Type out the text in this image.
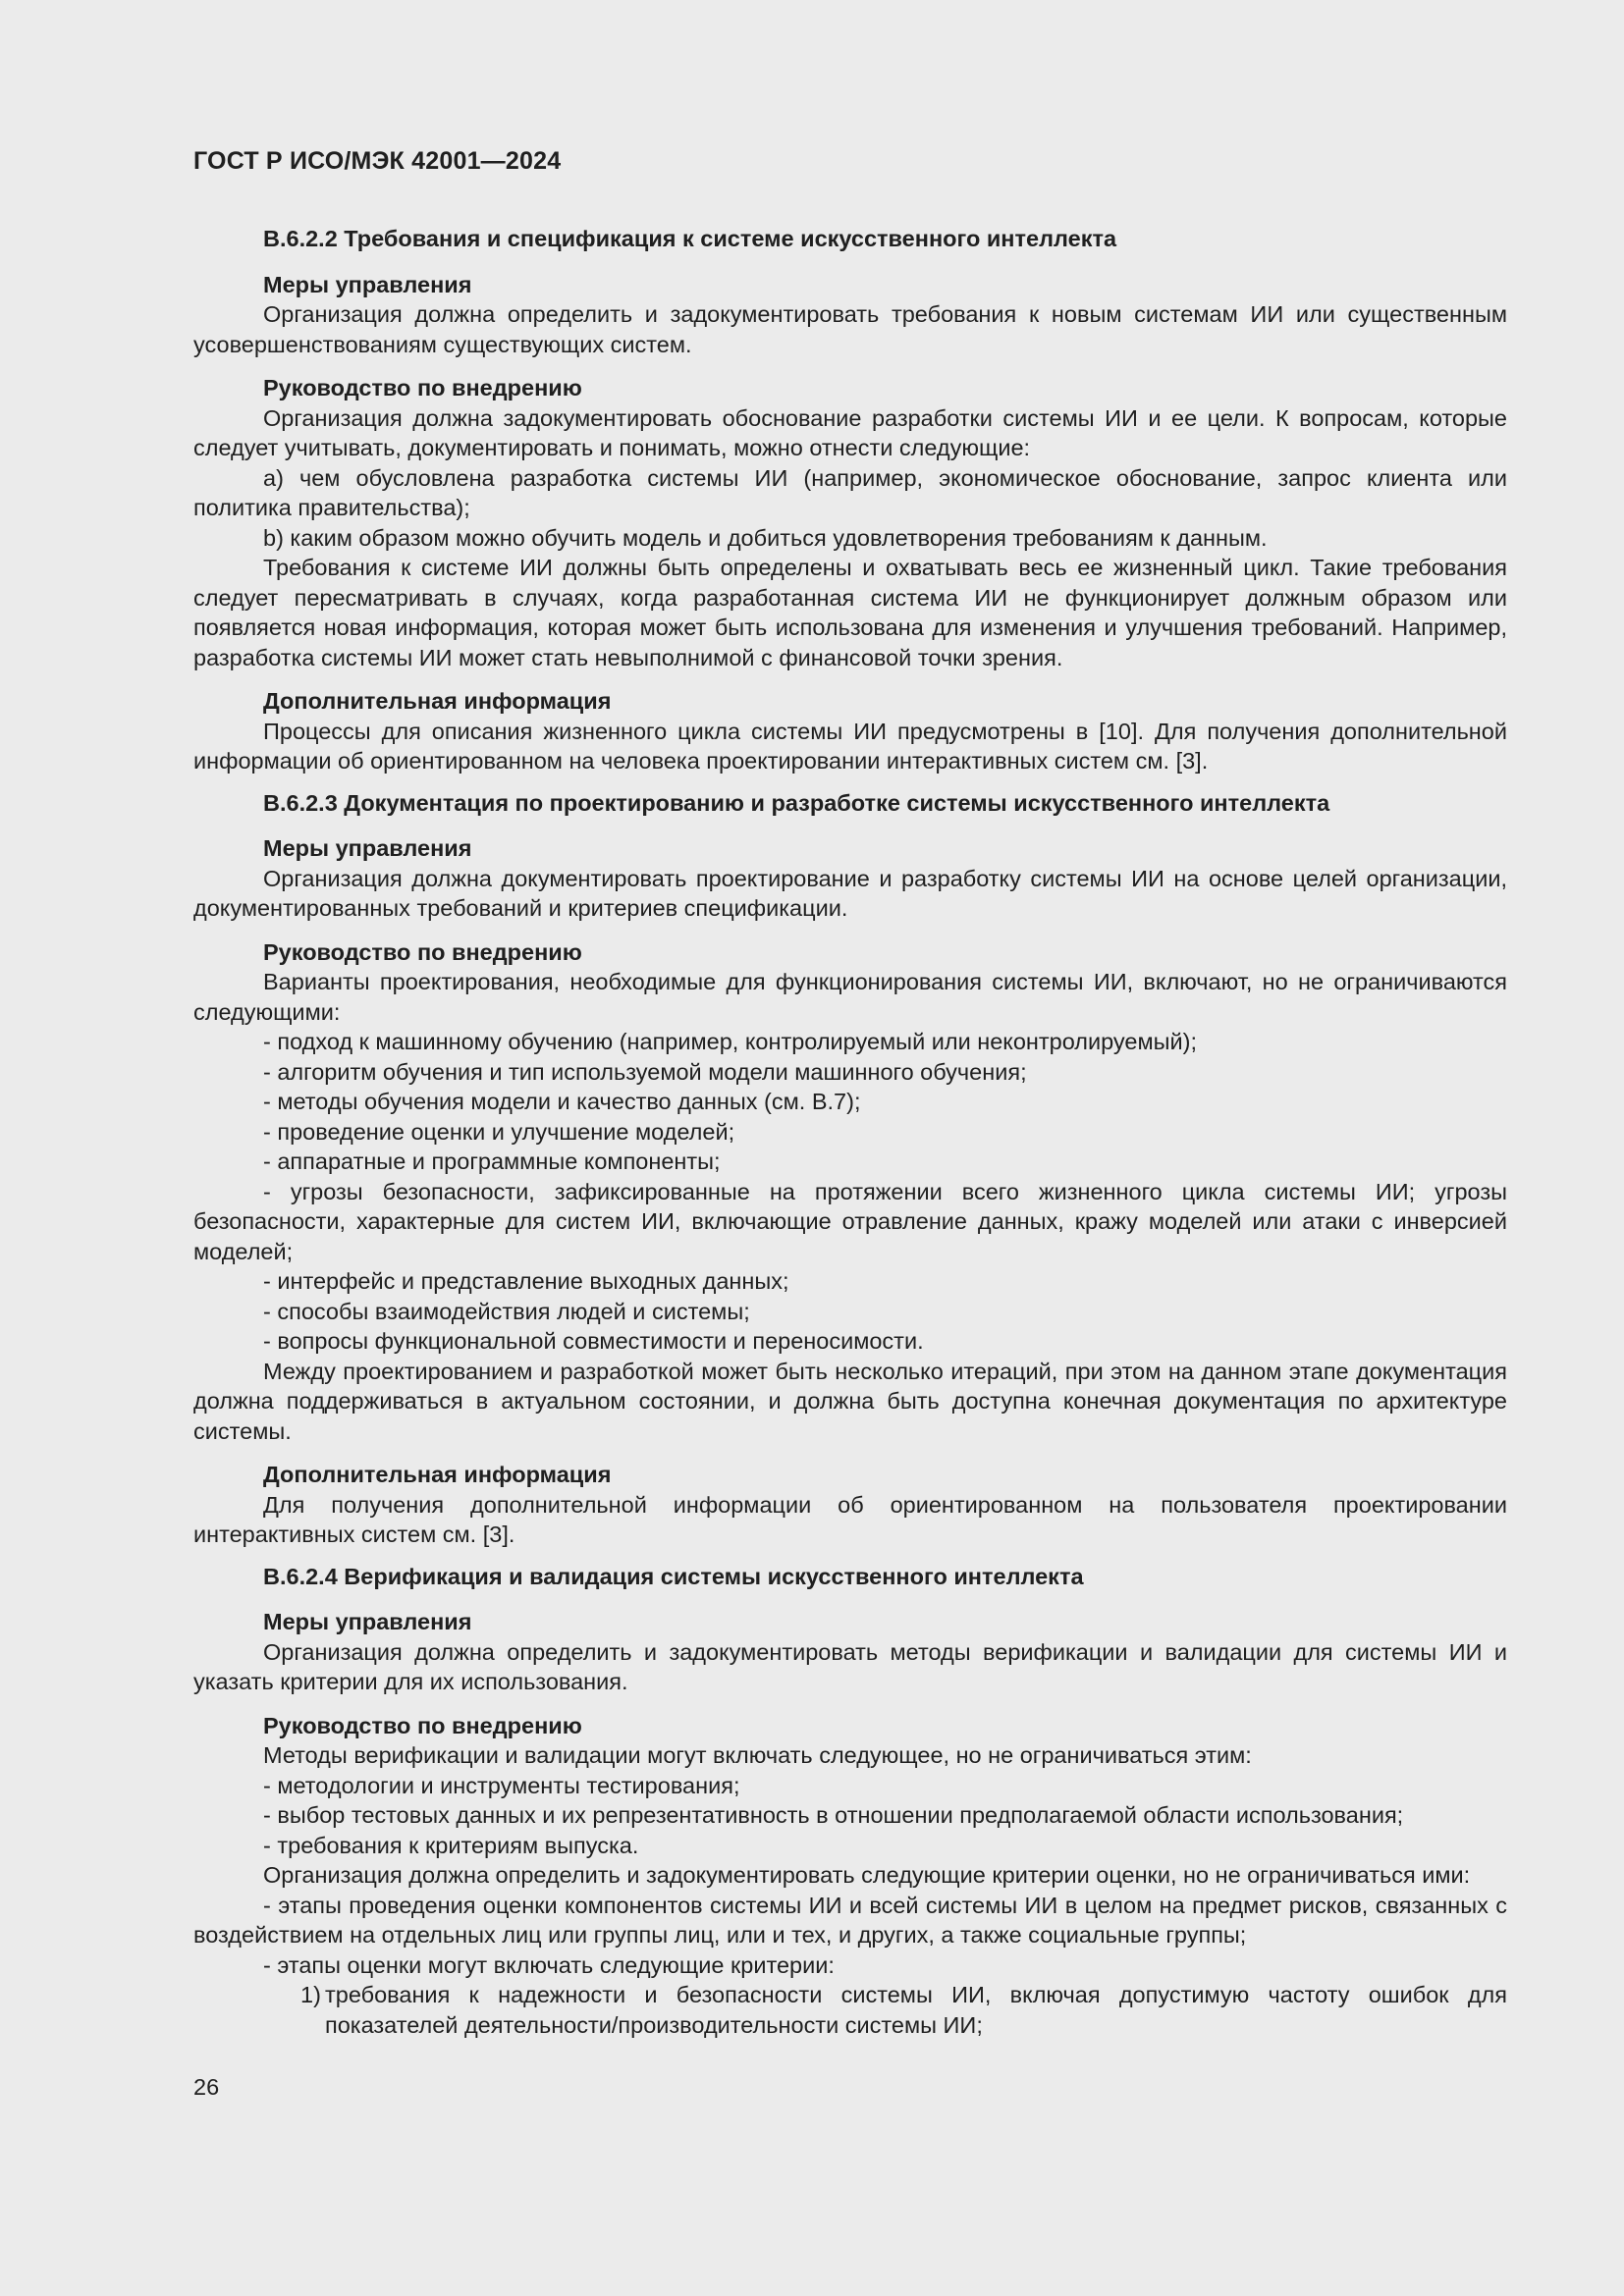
ГОСТ Р ИСО/МЭК 42001—2024

B.6.2.2 Требования и спецификация к системе искусственного интеллекта

Меры управления

Организация должна определить и задокументировать требования к новым системам ИИ или существенным усовершенствованиям существующих систем.

Руководство по внедрению

Организация должна задокументировать обоснование разработки системы ИИ и ее цели. К вопросам, которые следует учитывать, документировать и понимать, можно отнести следующие:

a) чем обусловлена разработка системы ИИ (например, экономическое обоснование, запрос клиента или политика правительства);

b) каким образом можно обучить модель и добиться удовлетворения требованиям к данным.

Требования к системе ИИ должны быть определены и охватывать весь ее жизненный цикл. Такие требования следует пересматривать в случаях, когда разработанная система ИИ не функционирует должным образом или появляется новая информация, которая может быть использована для изменения и улучшения требований. Например, разработка системы ИИ может стать невыполнимой с финансовой точки зрения.

Дополнительная информация

Процессы для описания жизненного цикла системы ИИ предусмотрены в [10]. Для получения дополнительной информации об ориентированном на человека проектировании интерактивных систем см. [3].

B.6.2.3 Документация по проектированию и разработке системы искусственного интеллекта

Меры управления

Организация должна документировать проектирование и разработку системы ИИ на основе целей организации, документированных требований и критериев спецификации.

Руководство по внедрению

Варианты проектирования, необходимые для функционирования системы ИИ, включают, но не ограничиваются следующими:

- подход к машинному обучению (например, контролируемый или неконтролируемый);

- алгоритм обучения и тип используемой модели машинного обучения;

- методы обучения модели и качество данных (см. B.7);

- проведение оценки и улучшение моделей;

- аппаратные и программные компоненты;

- угрозы безопасности, зафиксированные на протяжении всего жизненного цикла системы ИИ; угрозы безопасности, характерные для систем ИИ, включающие отравление данных, кражу моделей или атаки с инверсией моделей;

- интерфейс и представление выходных данных;

- способы взаимодействия людей и системы;

- вопросы функциональной совместимости и переносимости.

Между проектированием и разработкой может быть несколько итераций, при этом на данном этапе документация должна поддерживаться в актуальном состоянии, и должна быть доступна конечная документация по архитектуре системы.

Дополнительная информация

Для получения дополнительной информации об ориентированном на пользователя проектировании интерактивных систем см. [3].

B.6.2.4 Верификация и валидация системы искусственного интеллекта

Меры управления

Организация должна определить и задокументировать методы верификации и валидации для системы ИИ и указать критерии для их использования.

Руководство по внедрению

Методы верификации и валидации могут включать следующее, но не ограничиваться этим:

- методологии и инструменты тестирования;

- выбор тестовых данных и их репрезентативность в отношении предполагаемой области использования;

- требования к критериям выпуска.

Организация должна определить и задокументировать следующие критерии оценки, но не ограничиваться ими:

- этапы проведения оценки компонентов системы ИИ и всей системы ИИ в целом на предмет рисков, связанных с воздействием на отдельных лиц или группы лиц, или и тех, и других, а также социальные группы;

- этапы оценки могут включать следующие критерии:

1) требования к надежности и безопасности системы ИИ, включая допустимую частоту ошибок для показателей деятельности/производительности системы ИИ;

26
